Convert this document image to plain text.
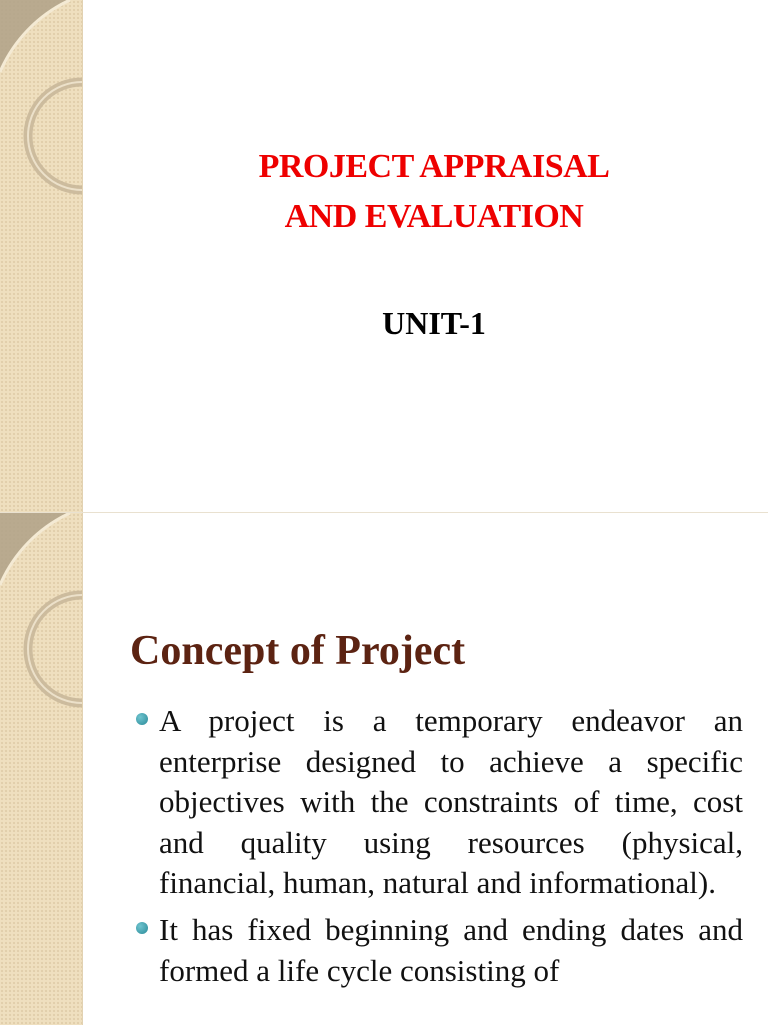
PROJECT APPRAISAL
AND EVALUATION
UNIT-1
Concept of Project
A project is a temporary endeavor an enterprise designed to achieve a specific objectives with the constraints of time, cost and quality using resources (physical, financial, human, natural and informational).
It has fixed beginning and ending dates and formed a life cycle consisting of
